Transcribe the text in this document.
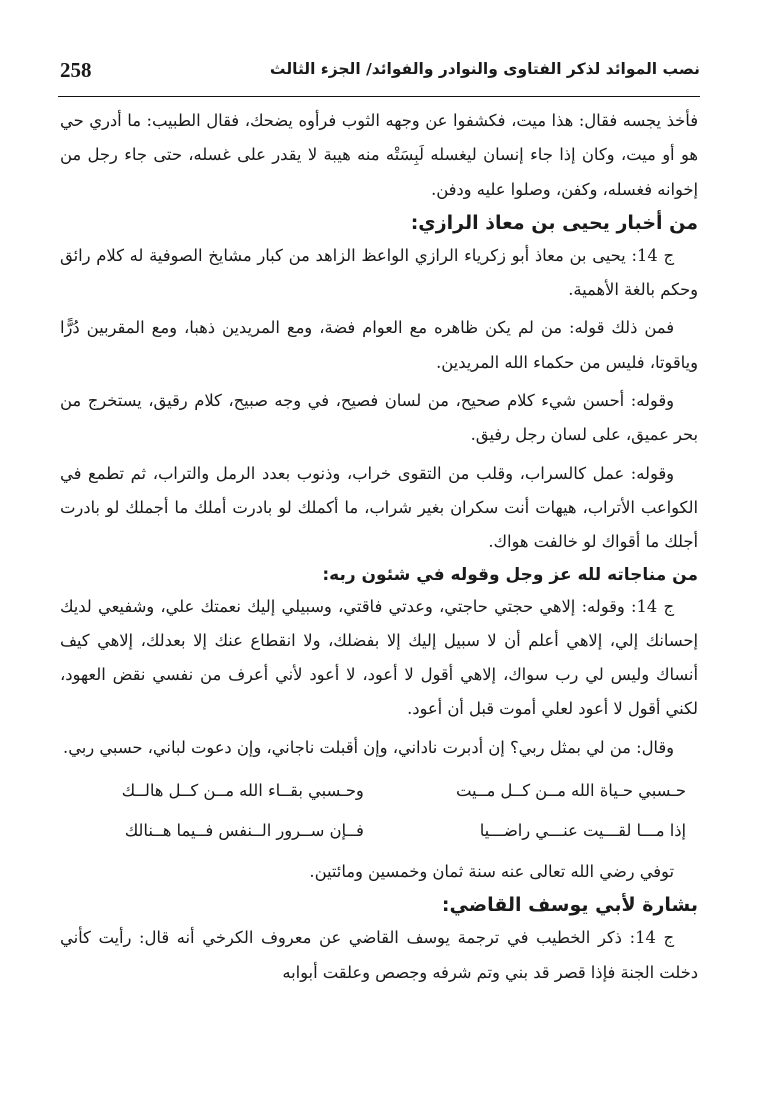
258	نصب الموائد لذكر الفتاوى والنوادر والفوائد/ الجزء الثالث

فأخذ يجسه فقال: هذا ميت، فكشفوا عن وجهه الثوب فرأوه يضحك، فقال الطبيب: ما أدري حي هو أو ميت، وكان إذا جاء إنسان ليغسله لَبِسَتْه منه هيبة لا يقدر على غسله، حتى جاء رجل من إخوانه فغسله، وكفن، وصلوا عليه ودفن.

من أخبار يحيى بن معاذ الرازي:

ج 14: يحيى بن معاذ أبو زكرياء الرازي الواعظ الزاهد من كبار مشايخ الصوفية له كلام رائق وحكم بالغة الأهمية.

فمن ذلك قوله: من لم يكن ظاهره مع العوام فضة، ومع المريدين ذهبا، ومع المقربين دُرًّا وياقوتا، فليس من حكماء الله المريدين.

وقوله: أحسن شيء كلام صحيح، من لسان فصيح، في وجه صبيح، كلام رقيق، يستخرج من بحر عميق، على لسان رجل رفيق.

وقوله: عمل كالسراب، وقلب من التقوى خراب، وذنوب بعدد الرمل والتراب، ثم تطمع في الكواعب الأتراب، هيهات أنت سكران بغير شراب، ما أكملك لو بادرت أملك ما أجملك لو بادرت أجلك ما أقواك لو خالفت هواك.

من مناجاته لله عز وجل وقوله في شئون ربه:

ج 14: وقوله: إلاهي حجتي حاجتي، وعدتي فاقتي، وسبيلي إليك نعمتك علي، وشفيعي لديك إحسانك إلي، إلاهي أعلم أن لا سبيل إليك إلا بفضلك، ولا انقطاع عنك إلا بعدلك، إلاهي كيف أنساك وليس لي رب سواك، إلاهي أقول لا أعود، لا أعود لأني أعرف من نفسي نقض العهود، لكني أقول لا أعود لعلي أموت قبل أن أعود.

وقال: من لي بمثل ربي؟ إن أدبرت ناداني، وإن أقبلت ناجاني، وإن دعوت لباني، حسبي ربي.

حـسبي حـياة الله مــن كــل مــيت
وحـسبي بقــاء الله مــن كــل هالــك
إذا مـــا لقـــيت عنـــي راضـــيا
فــإن ســرور الــنفس فــيما هــنالك

توفي رضي الله تعالى عنه سنة ثمان وخمسين ومائتين.

بشارة لأبي يوسف القاضي:

ج 14: ذكر الخطيب في ترجمة يوسف القاضي عن معروف الكرخي أنه قال: رأيت كأني دخلت الجنة فإذا قصر قد بني وتم شرفه وجصص وعلقت أبوابه
